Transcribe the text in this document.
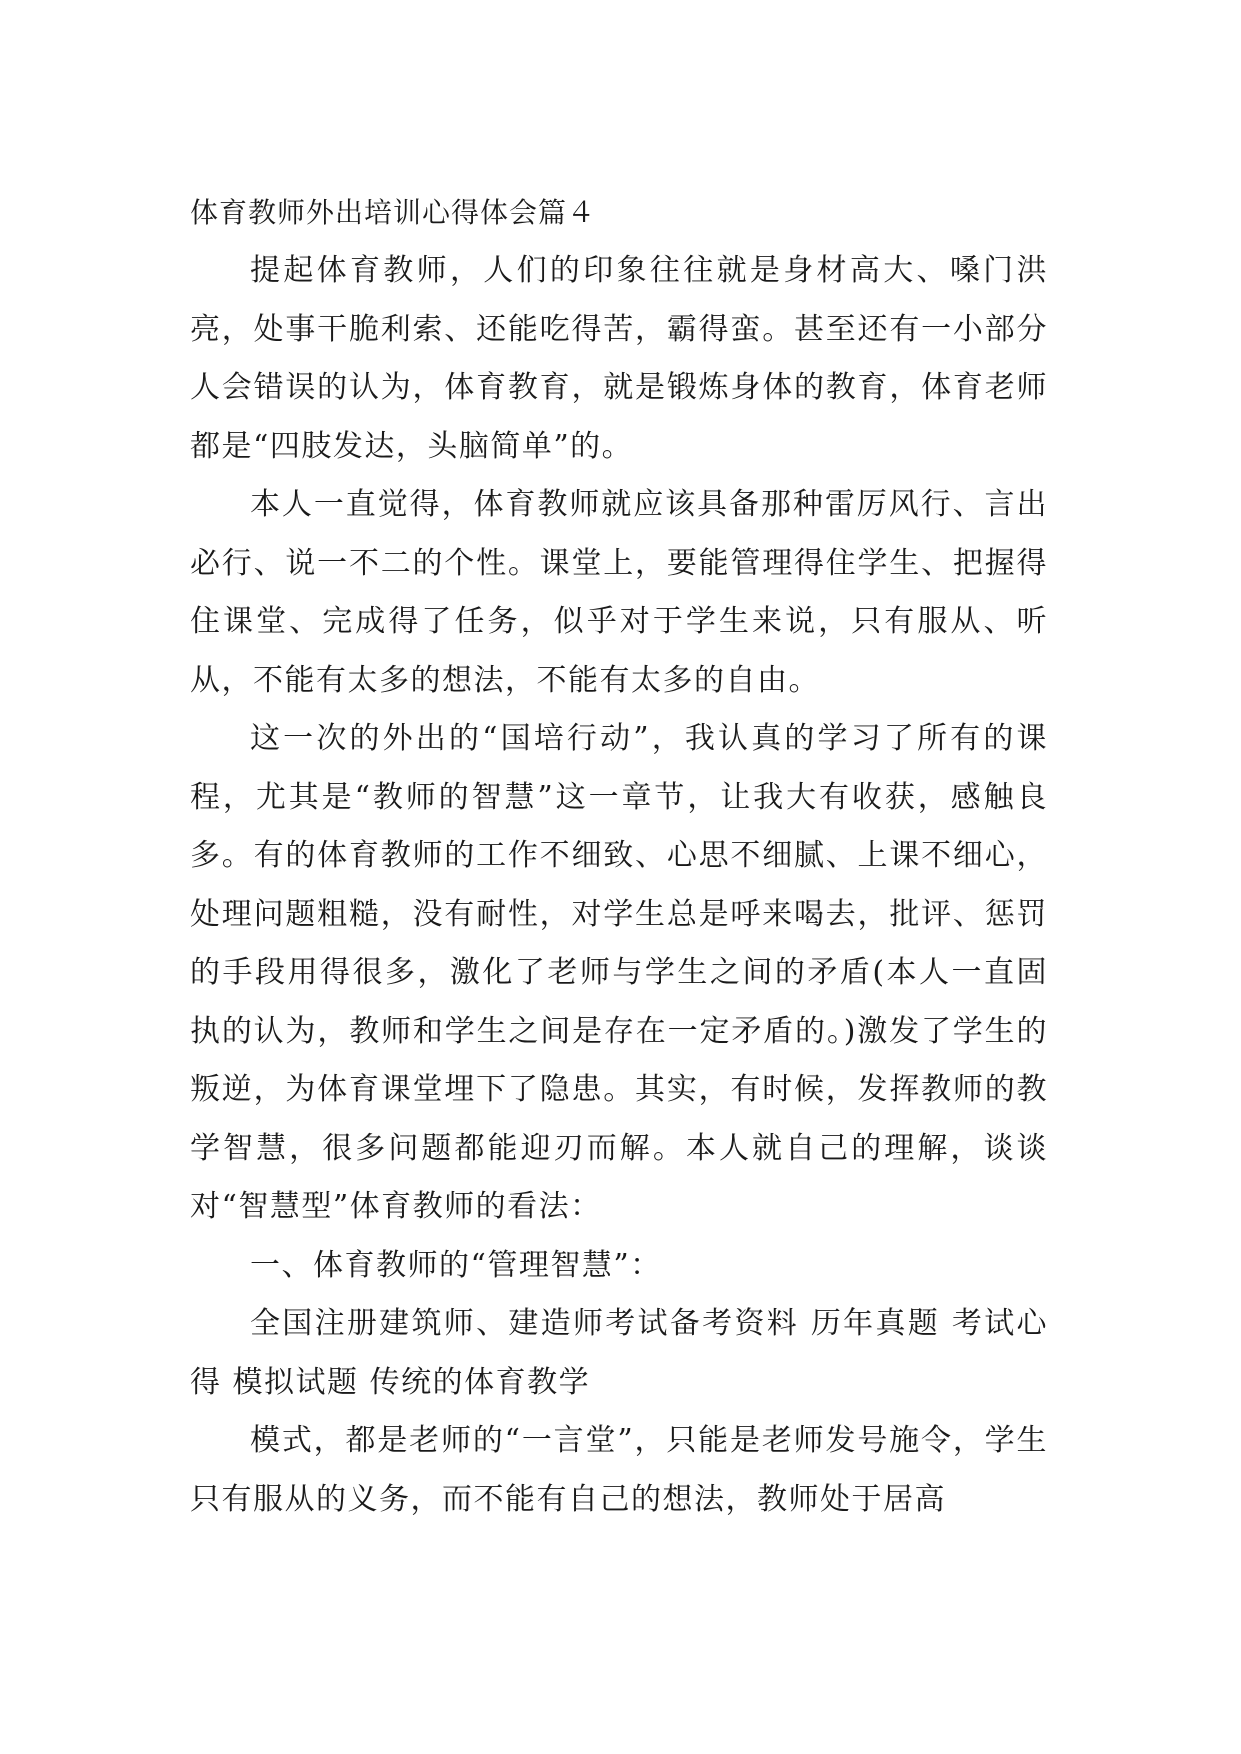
体育教师外出培训心得体会篇４

提起体育教师，人们的印象往往就是身材高大、嗓门洪亮，处事干脆利索、还能吃得苦，霸得蛮。甚至还有一小部分人会错误的认为，体育教育，就是锻炼身体的教育，体育老师都是“四肢发达，头脑简单”的。

本人一直觉得，体育教师就应该具备那种雷厉风行、言出必行、说一不二的个性。课堂上，要能管理得住学生、把握得住课堂、完成得了任务，似乎对于学生来说，只有服从、听从，不能有太多的想法，不能有太多的自由。

这一次的外出的“国培行动”，我认真的学习了所有的课程，尤其是“教师的智慧”这一章节，让我大有收获，感触良多。有的体育教师的工作不细致、心思不细腻、上课不细心，处理问题粗糙，没有耐性，对学生总是呼来喝去，批评、惩罚的手段用得很多，激化了老师与学生之间的矛盾(本人一直固执的认为，教师和学生之间是存在一定矛盾的。)激发了学生的叛逆，为体育课堂埋下了隐患。其实，有时候，发挥教师的教学智慧，很多问题都能迎刃而解。本人就自己的理解，谈谈对“智慧型”体育教师的看法：

一、体育教师的“管理智慧”：

全国注册建筑师、建造师考试备考资料 历年真题 考试心得 模拟试题 传统的体育教学

模式，都是老师的“一言堂”，只能是老师发号施令，学生只有服从的义务，而不能有自己的想法，教师处于居高
